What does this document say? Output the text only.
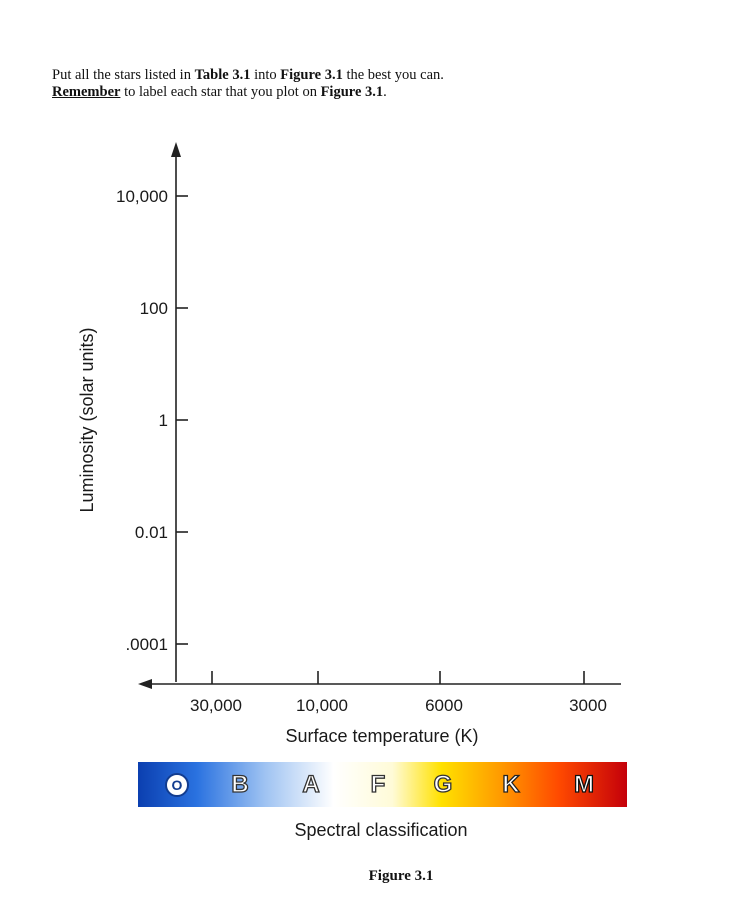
Put all the stars listed in Table 3.1 into Figure 3.1 the best you can.
Remember to label each star that you plot on Figure 3.1.
Luminosity (solar units)
Surface temperature (K)
10,000
100
1
0.01
.0001
30,000	10,000	6000	3000
B	A	F	G	K	M
O
Spectral classification
Figure 3.1
